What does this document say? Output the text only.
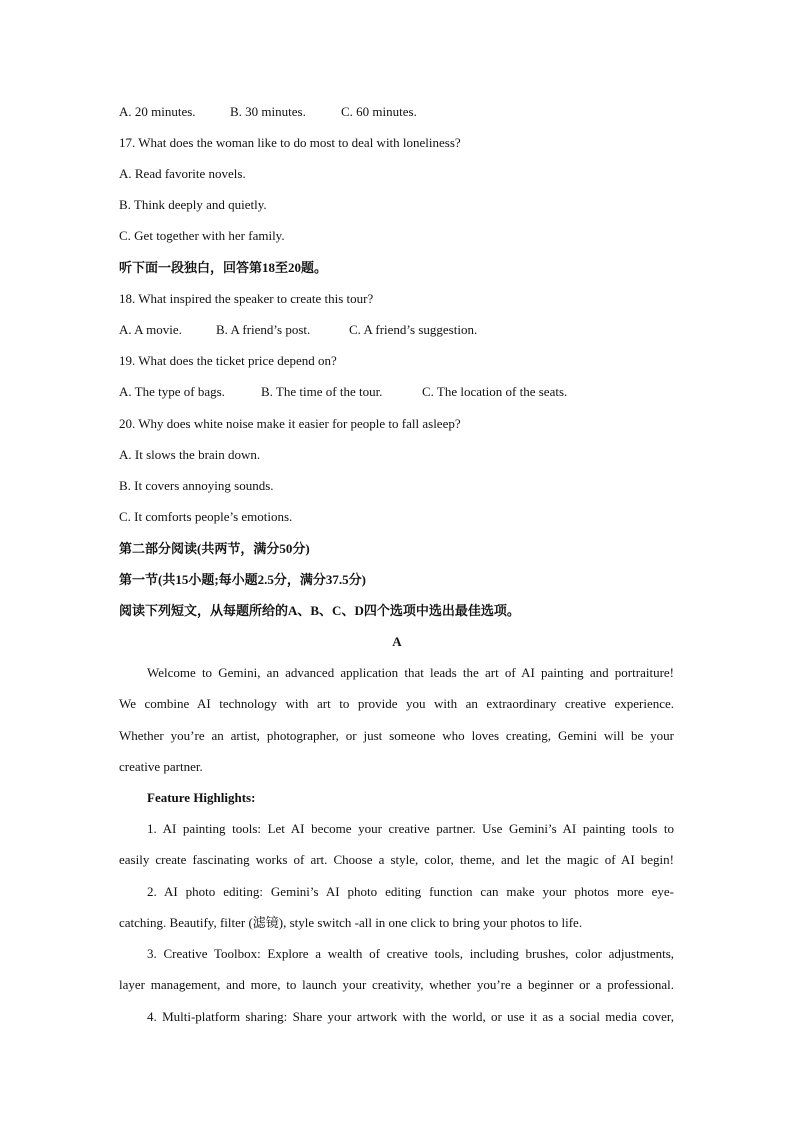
A. 20 minutes.	B. 30 minutes.	C. 60 minutes.
17. What does the woman like to do most to deal with loneliness?
A. Read favorite novels.
B. Think deeply and quietly.
C. Get together with her family.
听下面一段独白，回答第18至20题。
18. What inspired the speaker to create this tour?
A. A movie.	B. A friend’s post.	C. A friend’s suggestion.
19. What does the ticket price depend on?
A. The type of bags.	B. The time of the tour.	C. The location of the seats.
20. Why does white noise make it easier for people to fall asleep?
A. It slows the brain down.
B. It covers annoying sounds.
C. It comforts people’s emotions.
第二部分阅读(共两节，满分50分)
第一节(共15小题;每小题2.5分，满分37.5分)
阅读下列短文，从每题所给的A、B、C、D四个选项中选出最佳选项。
A
Welcome to Gemini, an advanced application that leads the art of AI painting and portraiture!
We combine AI technology with art to provide you with an extraordinary creative experience.
Whether you’re an artist, photographer, or just someone who loves creating, Gemini will be your
creative partner.
Feature Highlights:
1. AI painting tools: Let AI become your creative partner. Use Gemini’s AI painting tools to
easily create fascinating works of art. Choose a style, color, theme, and let the magic of AI begin!
2. AI photo editing: Gemini’s AI photo editing function can make your photos more eye-
catching. Beautify, filter (滤镜), style switch -all in one click to bring your photos to life.
3. Creative Toolbox: Explore a wealth of creative tools, including brushes, color adjustments,
layer management, and more, to launch your creativity, whether you’re a beginner or a professional.
4. Multi-platform sharing: Share your artwork with the world, or use it as a social media cover,
